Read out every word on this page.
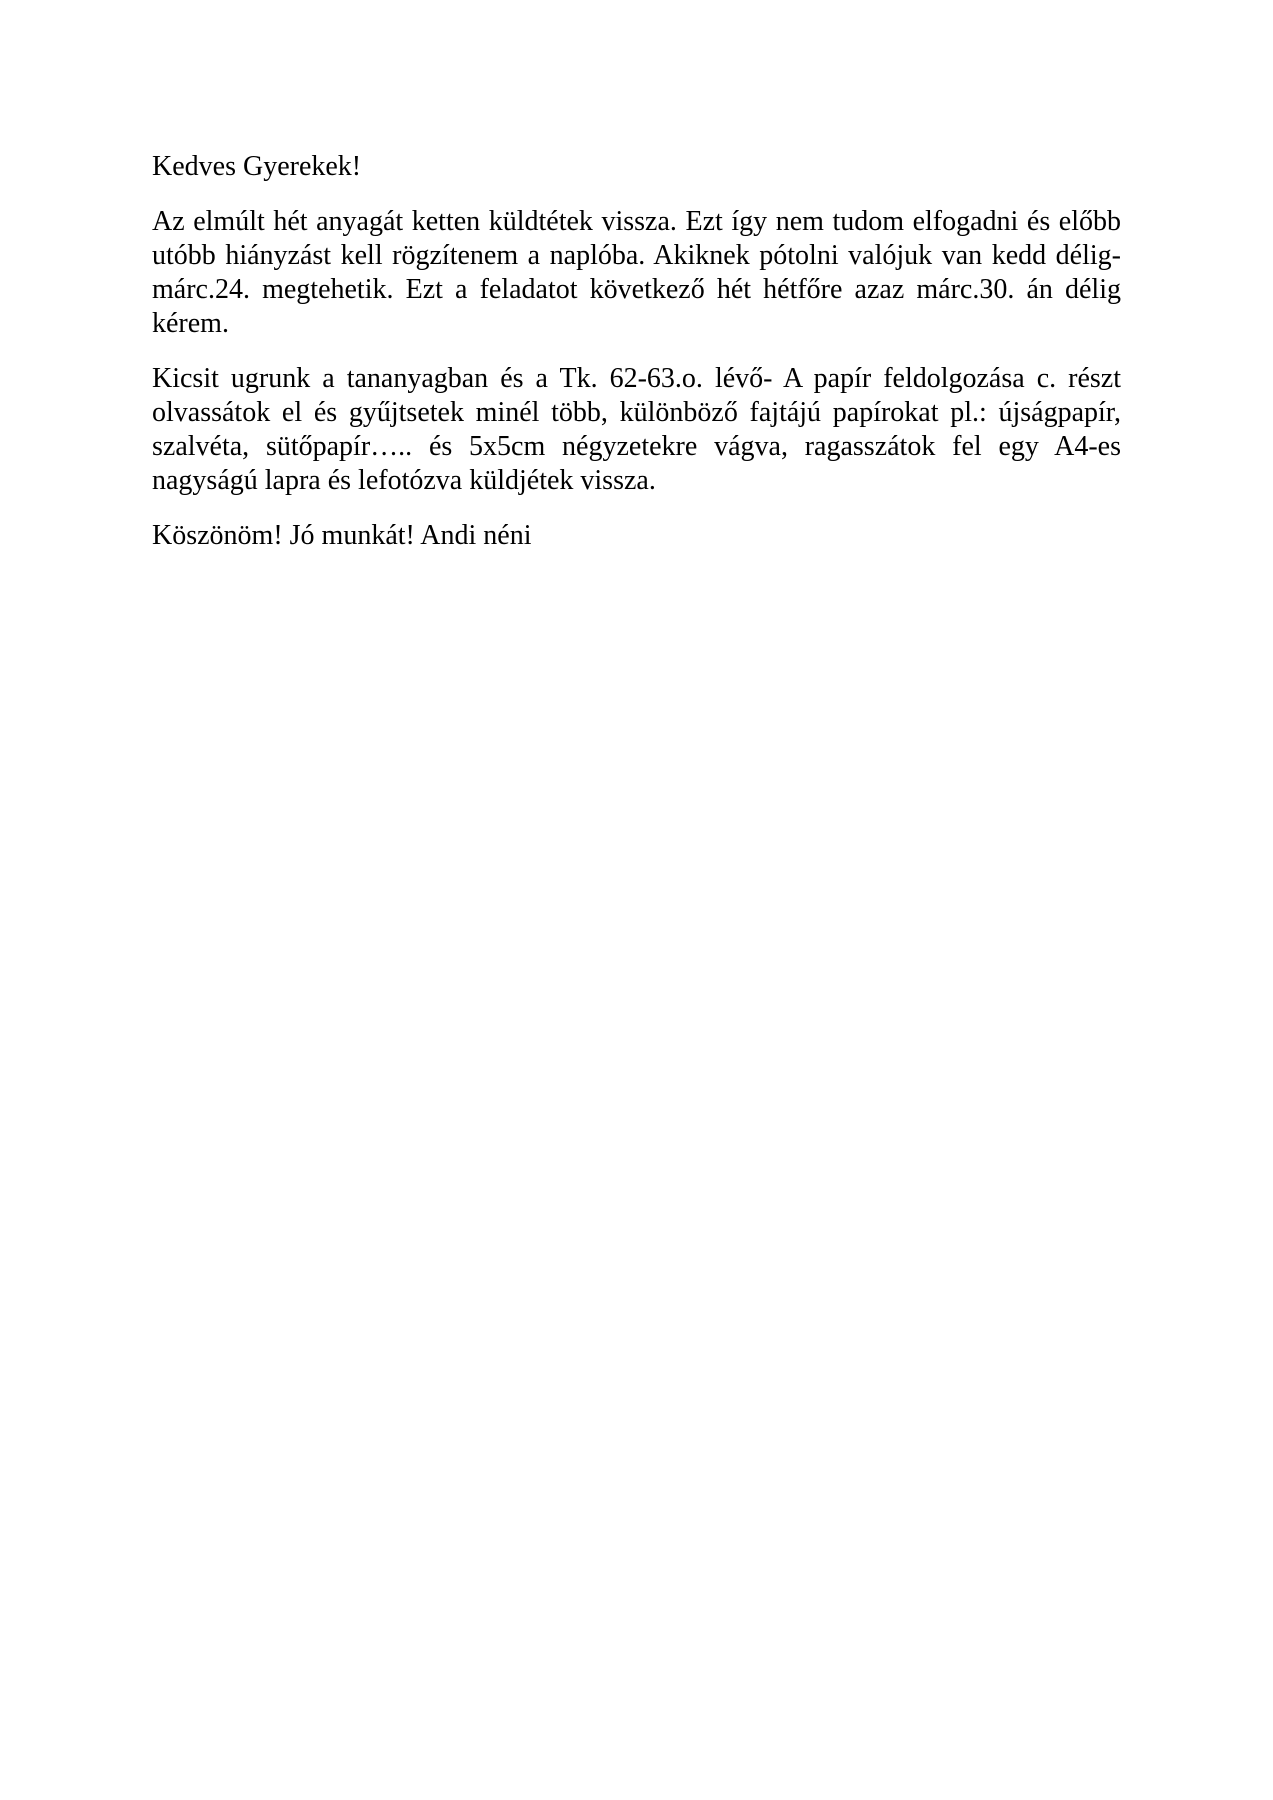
Kedves Gyerekek!

Az elmúlt hét anyagát ketten küldtétek vissza. Ezt így nem tudom elfogadni és előbb utóbb hiányzást kell rögzítenem a naplóba. Akiknek pótolni valójuk van kedd délig-márc.24. megtehetik. Ezt a feladatot következő hét hétfőre azaz márc.30. án délig kérem.

Kicsit ugrunk a tananyagban és a Tk. 62-63.o. lévő- A papír feldolgozása c. részt olvassátok el és gyűjtsetek minél több, különböző fajtájú papírokat pl.: újságpapír, szalvéta, sütőpapír….. és 5x5cm négyzetekre vágva, ragasszátok fel egy A4-es nagyságú lapra és lefotózva küldjétek vissza.

Köszönöm! Jó munkát! Andi néni
